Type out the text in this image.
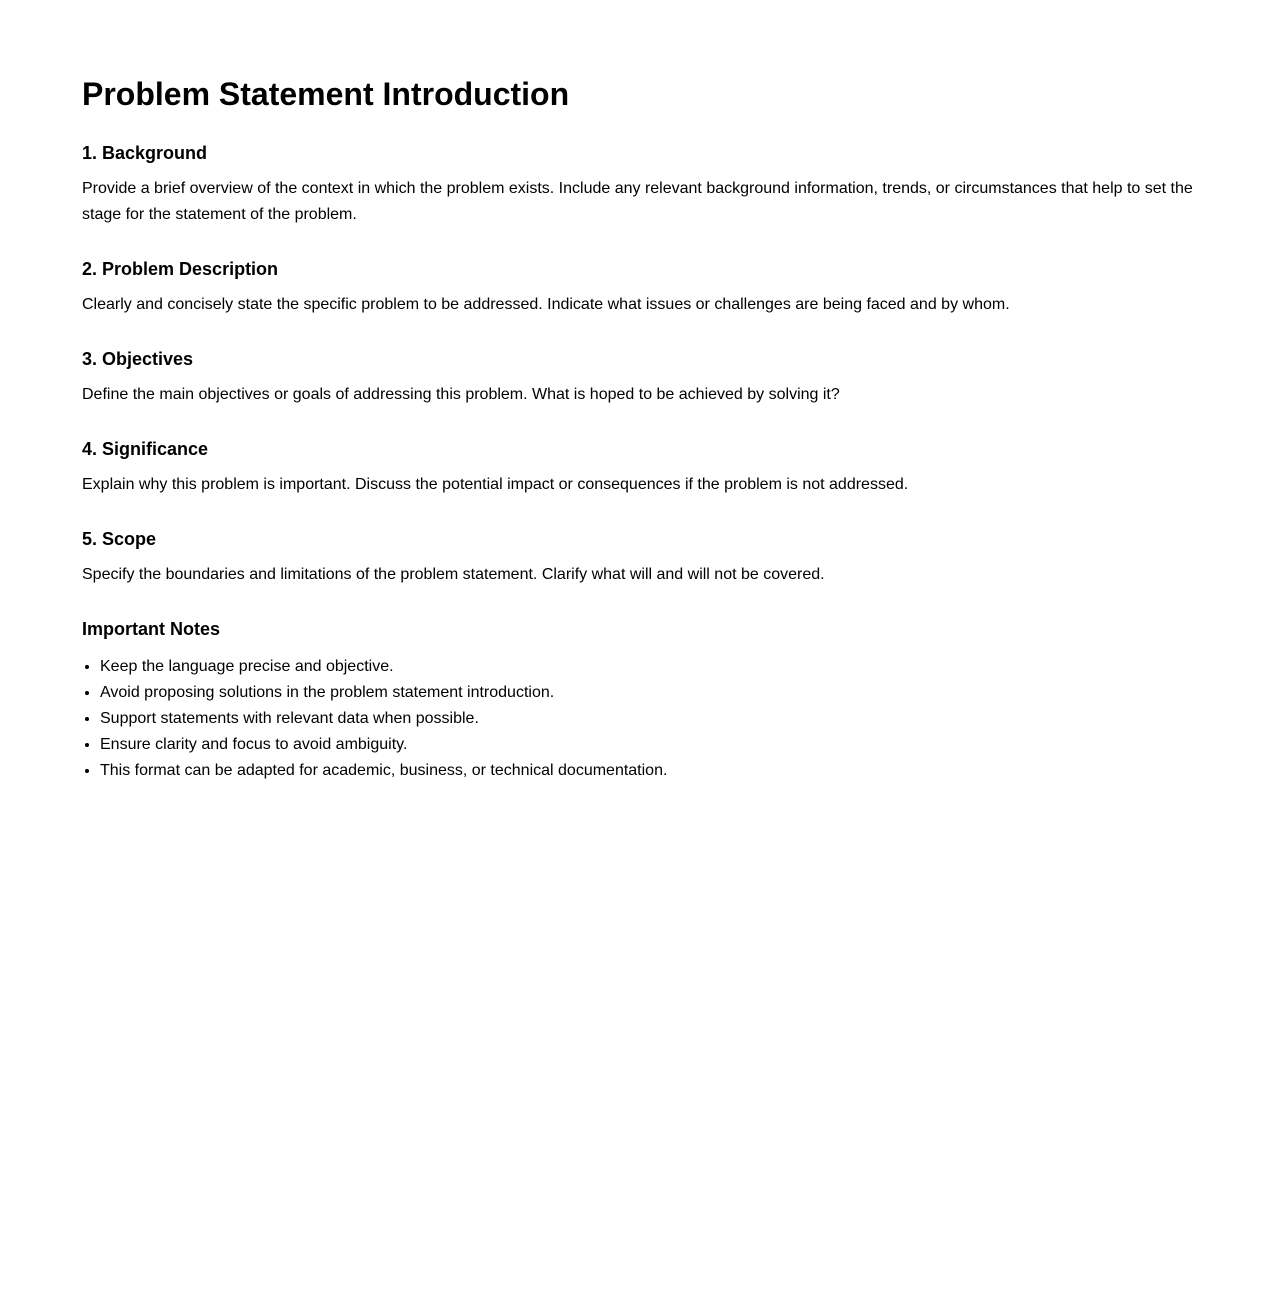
Problem Statement Introduction
1. Background

Provide a brief overview of the context in which the problem exists. Include any relevant background information, trends, or circumstances that help to set the stage for the statement of the problem.

2. Problem Description

Clearly and concisely state the specific problem to be addressed. Indicate what issues or challenges are being faced and by whom.

3. Objectives

Define the main objectives or goals of addressing this problem. What is hoped to be achieved by solving it?

4. Significance

Explain why this problem is important. Discuss the potential impact or consequences if the problem is not addressed.

5. Scope

Specify the boundaries and limitations of the problem statement. Clarify what will and will not be covered.

Important Notes
• Keep the language precise and objective.
• Avoid proposing solutions in the problem statement introduction.
• Support statements with relevant data when possible.
• Ensure clarity and focus to avoid ambiguity.
• This format can be adapted for academic, business, or technical documentation.
